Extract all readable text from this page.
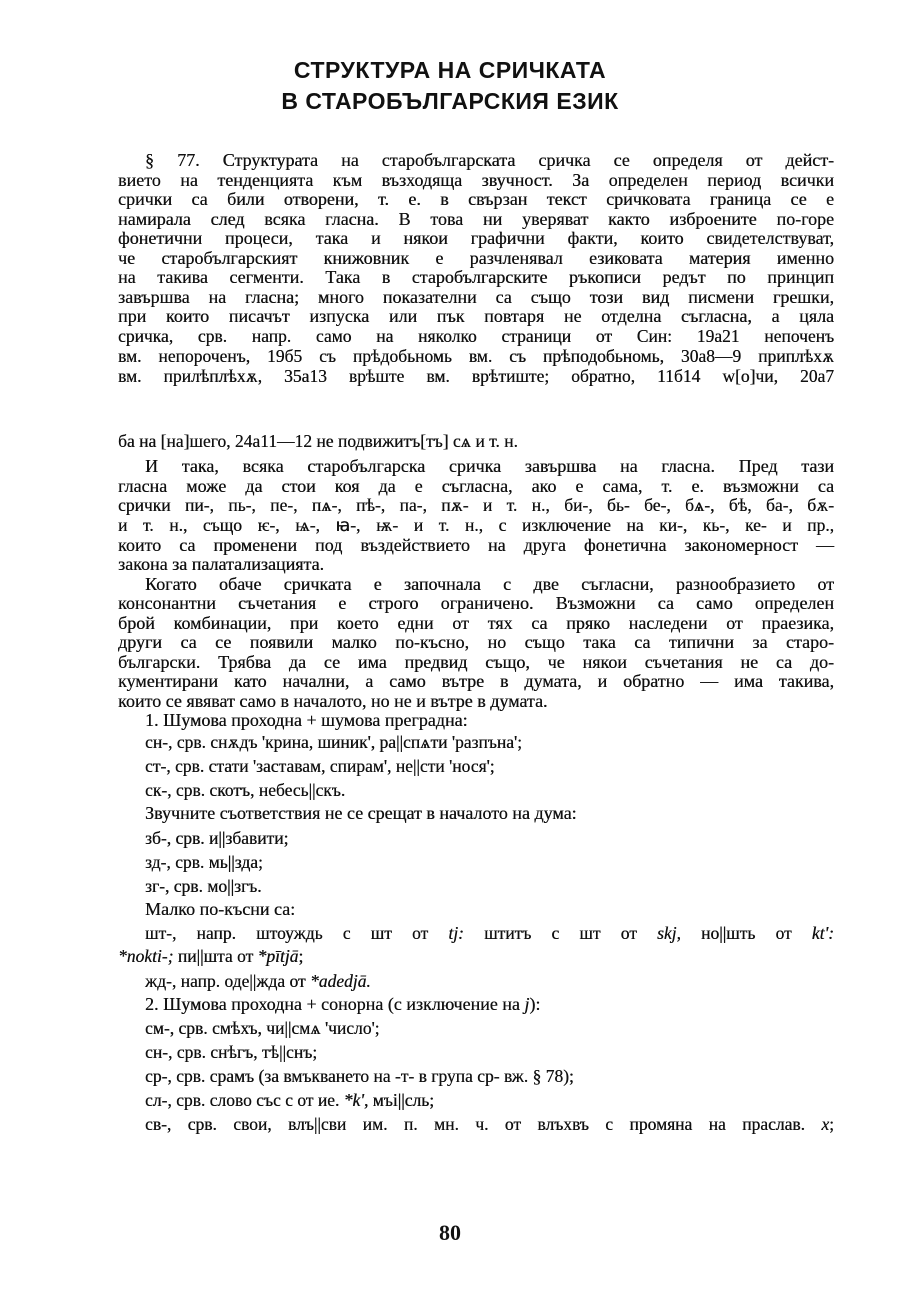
СТРУКТУРА НА СРИЧКАТА
В СТАРОБЪЛГАРСКИЯ ЕЗИК
§ 77. Структурата на старобългарската сричка се определя от дейст-
вието на тенденцията към възходяща звучност. За определен период всички
срички са били отворени, т. е. в свързан текст сричковата граница се е
намирала след всяка гласна. В това ни уверяват както изброените по-горе
фонетични процеси, така и някои графични факти, които свидетелствуват,
че старобългарският книжовник е разчленявал езиковата материя именно
на такива сегменти. Така в старобългарските ръкописи редът по принцип
завършва на гласна; много показателни са също този вид писмени грешки,
при които писачът изпуска или пък повтаря не отделна съгласна, а цяла
сричка, срв. напр. само на няколко страници от Син: 19а21 непоченъ
вм. непороченъ, 19б5 съ прѣдобьномь вм. съ прѣподобьномь, 30а8—9 приплѣхѫ
вм. прилѣплѣхѫ, 35а13 врѣште вм. врѣтиште; обратно, 11б14 w[о]чи, 20а7
ба на [на]шего, 24а11—12 не подвижитъ[тъ] сѧ и т. н.
И така, всяка старобългарска сричка завършва на гласна. Пред тази
гласна може да стои коя да е съгласна, ако е сама, т. е. възможни са
срички пи-, пь-, пе-, пѧ-, пѣ-, па-, пѫ- и т. н., би-, бь- бе-, бѧ-, бѣ, ба-, бѫ-
и т. н., също ѥ-, ѩ-, ꙗ-, ѭ- и т. н., с изключение на ки-, кь-, ке- и пр.,
които са променени под въздействието на друга фонетична закономерност —
закона за палатализацията.
Когато обаче сричката е започнала с две съгласни, разнообразието от
консонантни съчетания е строго ограничено. Възможни са само определен
брой комбинации, при което едни от тях са пряко наследени от праезика,
други са се появили малко по-късно, но също така са типични за старо-
български. Трябва да се има предвид също, че някои съчетания не са до-
кументирани като начални, а само вътре в думата, и обратно — има такива,
които се явяват само в началото, но не и вътре в думата.
1. Шумова проходна + шумова преградна:
сн-, срв. снѫдъ 'крина, шиник', ра||спѧти 'разпъна';
ст-, срв. стати 'заставам, спирам', не||сти 'нося';
ск-, срв. скотъ, небесь||скъ.
Звучните съответствия не се срещат в началото на дума:
зб-, срв. и||збавити;
зд-, срв. мь||зда;
зг-, срв. мо||згъ.
Малко по-късни са:
шт-, напр. штоуждь с шт от tj: штитъ с шт от skj, но||шть от kt':
*nokti-; пи||шта от *pītjā;
жд-, напр. оде||жда от *adedjā.
2. Шумова проходна + сонорна (с изключение на j):
см-, срв. смѣхъ, чи||смѧ 'число';
сн-, срв. снѣгъ, тѣ||снъ;
ср-, срв. срамъ (за вмъкването на -т- в група ср- вж. § 78);
сл-, срв. слово със с от ие. *k', мъі||сль;
св-, срв. свои, влъ||сви им. п. мн. ч. от влъхвъ с промяна на праслав. x;
80
